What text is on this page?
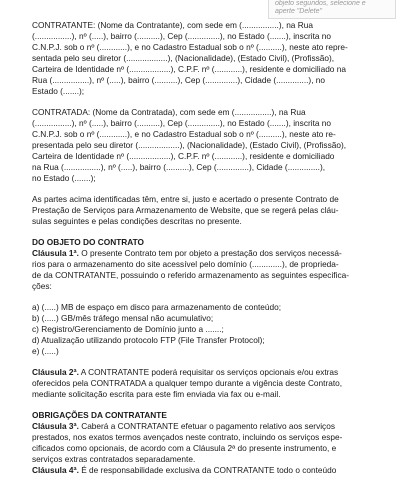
objeto segundos, selecione e
aperte "Delete"
CONTRATANTE: (Nome da Contratante), com sede em (................), na Rua
(................), nº (.....), bairro (..........), Cep (..............), no Estado (.......), inscrita no
C.N.P.J. sob o nº (............), e no Cadastro Estadual sob o nº (..........), neste ato repre-
sentada pelo seu diretor (..................), (Nacionalidade), (Estado Civil), (Profissão),
Carteira de Identidade nº (..................), C.P.F. nº (............), residente e domiciliado na
Rua (................), nº (.....), bairro (..........), Cep (..............), Cidade (..............), no
Estado (.......);
CONTRATADA: (Nome da Contratada), com sede em (................), na Rua
(................), nº (.....), bairro (..........), Cep (..............), no Estado (.......), inscrita no
C.N.P.J. sob o nº (............), e no Cadastro Estadual sob o nº (..........), neste ato re-
presentada pelo seu diretor (..................), (Nacionalidade), (Estado Civil), (Profissão),
Carteira de Identidade nº (..................), C.P.F. nº (............), residente e domiciliado
na Rua (................), nº (.....), bairro (..........), Cep (..............), Cidade (..............),
no Estado (.......);
As partes acima identificadas têm, entre si, justo e acertado o presente Contrato de
Prestação de Serviços para Armazenamento de Website, que se regerá pelas cláu-
sulas seguintes e pelas condições descritas no presente.

DO OBJETO DO CONTRATO

Cláusula 1ª. O presente Contrato tem por objeto a prestação dos serviços necessá-
rios para o armazenamento do site acessível pelo domínio (.............), de proprieda-
de da CONTRATANTE, possuindo o referido armazenamento as seguintes especifica-
ções:

a) (.....) MB de espaço em disco para armazenamento de conteúdo;

b) (.....) GB/mês tráfego mensal não acumulativo;

c) Registro/Gerenciamento de Domínio junto a .......;

d) Atualização utilizando protocolo FTP (File Transfer Protocol);

e) (.....)

Cláusula 2ª. A CONTRATANTE poderá requisitar os serviços opcionais e/ou extras
oferecidos pela CONTRATADA a qualquer tempo durante a vigência deste Contrato,
mediante solicitação escrita para este fim enviada via fax ou e-mail.

OBRIGAÇÕES DA CONTRATANTE

Cláusula 3ª. Caberá a CONTRATANTE efetuar o pagamento relativo aos serviços
prestados, nos exatos termos avençados neste contrato, incluindo os serviços espe-
cificados como opcionais, de acordo com a Cláusula 2ª do presente instrumento, e
serviços extras contratados separadamente.
Cláusula 4ª. É de responsabilidade exclusiva da CONTRATANTE todo o conteúdo
